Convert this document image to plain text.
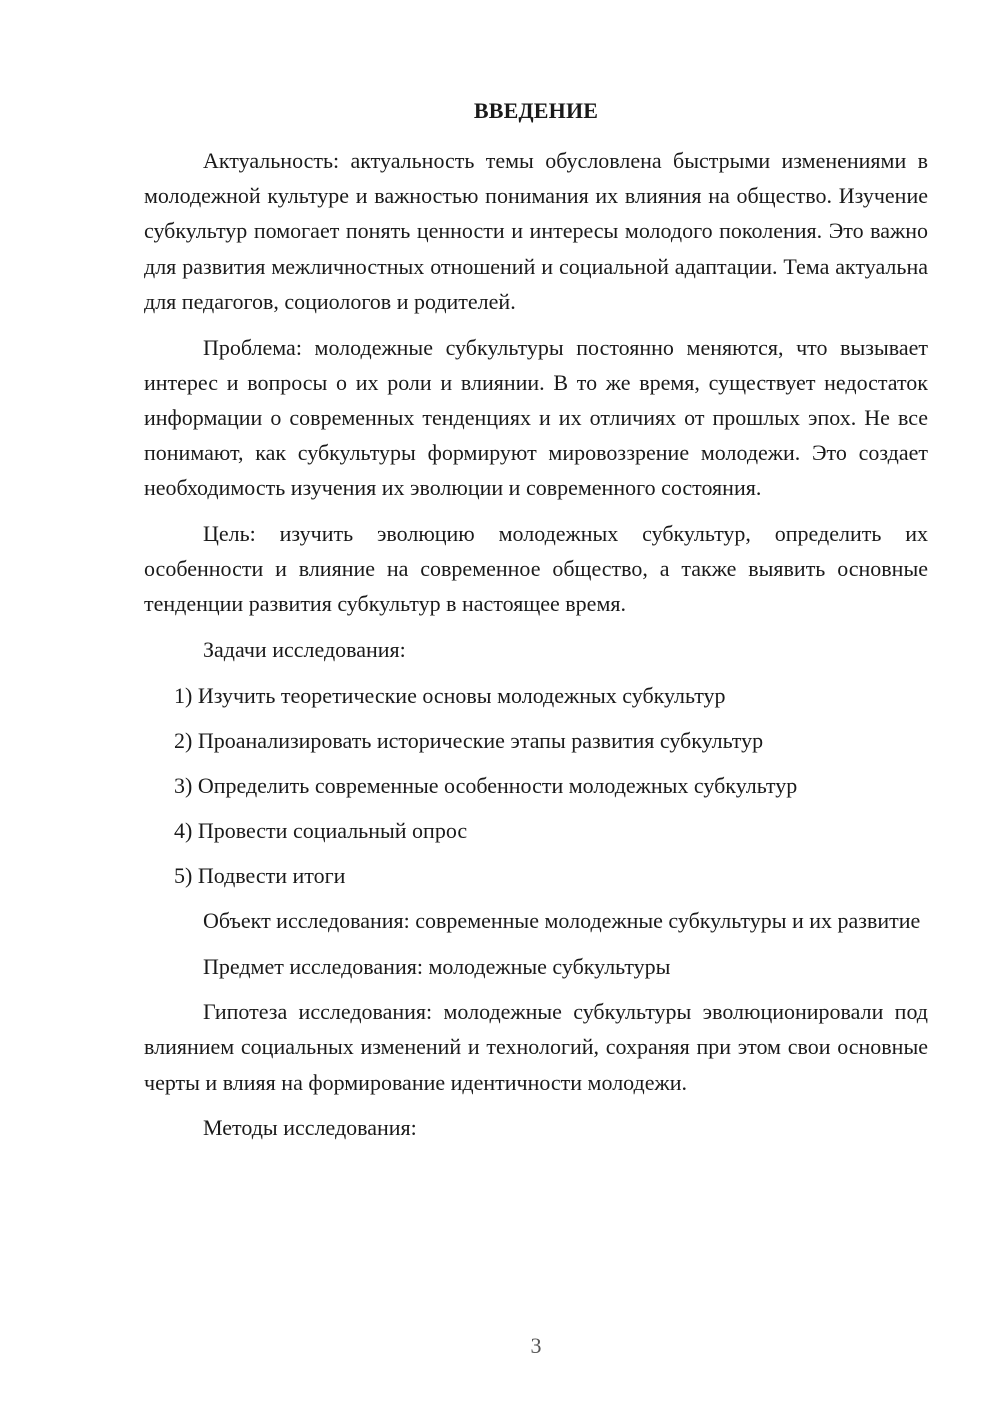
ВВЕДЕНИЕ

Актуальность: актуальность темы обусловлена быстрыми изменениями в молодежной культуре и важностью понимания их влияния на общество. Изучение субкультур помогает понять ценности и интересы молодого поколения. Это важно для развития межличностных отношений и социальной адаптации. Тема актуальна для педагогов, социологов и родителей.

Проблема: молодежные субкультуры постоянно меняются, что вызывает интерес и вопросы о их роли и влиянии. В то же время, существует недостаток информации о современных тенденциях и их отличиях от прошлых эпох. Не все понимают, как субкультуры формируют мировоззрение молодежи. Это создает необходимость изучения их эволюции и современного состояния.

Цель: изучить эволюцию молодежных субкультур, определить их особенности и влияние на современное общество, а также выявить основные тенденции развития субкультур в настоящее время.

Задачи исследования:

1) Изучить теоретические основы молодежных субкультур
2) Проанализировать исторические этапы развития субкультур
3) Определить современные особенности молодежных субкультур
4) Провести социальный опрос
5) Подвести итоги

Объект исследования: современные молодежные субкультуры и их развитие

Предмет исследования: молодежные субкультуры

Гипотеза исследования: молодежные субкультуры эволюционировали под влиянием социальных изменений и технологий, сохраняя при этом свои основные черты и влияя на формирование идентичности молодежи.

Методы исследования:

3
